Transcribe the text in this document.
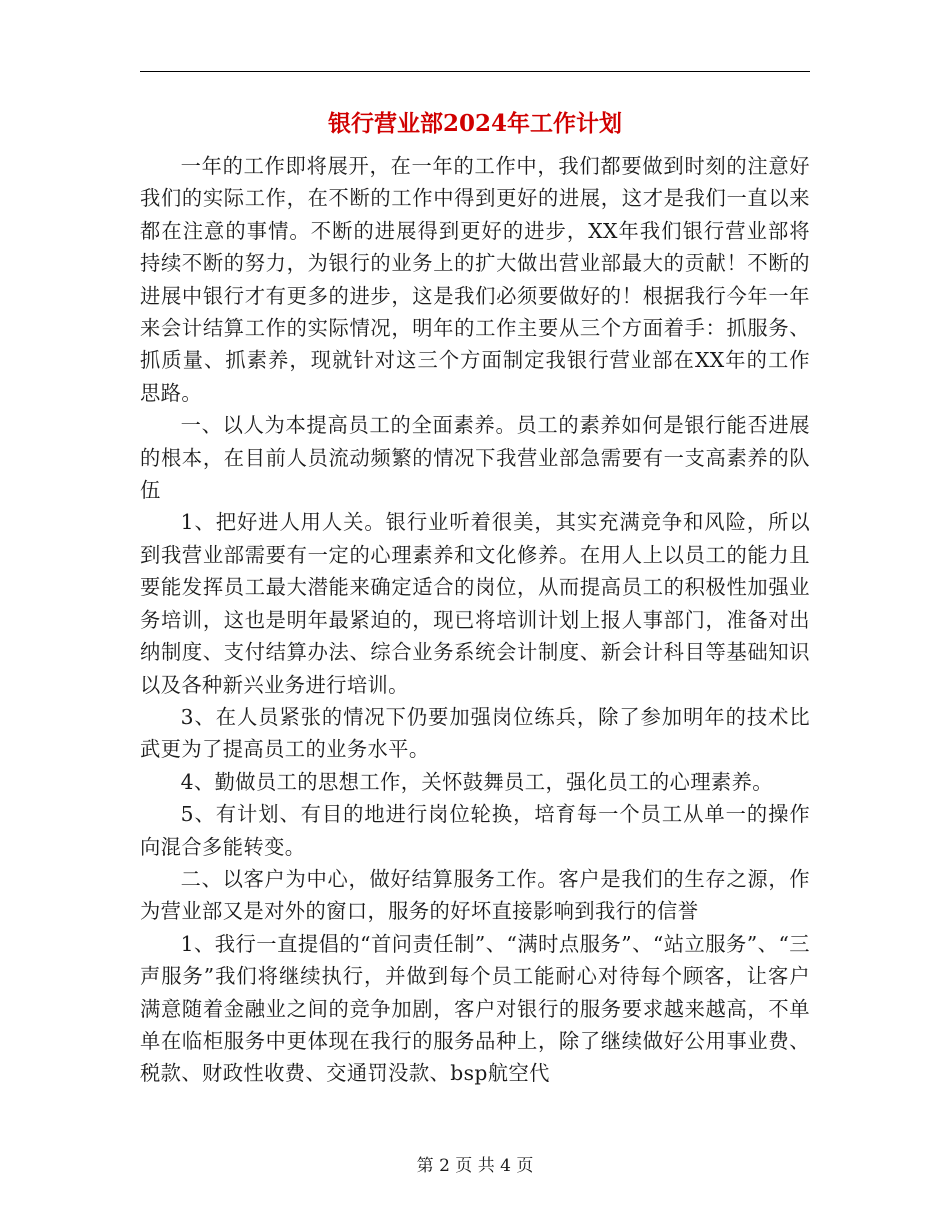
银行营业部2024年工作计划

一年的工作即将展开，在一年的工作中，我们都要做到时刻的注意好我们的实际工作，在不断的工作中得到更好的进展，这才是我们一直以来都在注意的事情。不断的进展得到更好的进步，XX年我们银行营业部将持续不断的努力，为银行的业务上的扩大做出营业部最大的贡献！不断的进展中银行才有更多的进步，这是我们必须要做好的！根据我行今年一年来会计结算工作的实际情况，明年的工作主要从三个方面着手：抓服务、抓质量、抓素养，现就针对这三个方面制定我银行营业部在XX年的工作思路。

一、以人为本提高员工的全面素养。员工的素养如何是银行能否进展的根本，在目前人员流动频繁的情况下我营业部急需要有一支高素养的队伍

1、把好进人用人关。银行业听着很美，其实充满竞争和风险，所以到我营业部需要有一定的心理素养和文化修养。在用人上以员工的能力且要能发挥员工最大潜能来确定适合的岗位，从而提高员工的积极性加强业务培训，这也是明年最紧迫的，现已将培训计划上报人事部门，准备对出纳制度、支付结算办法、综合业务系统会计制度、新会计科目等基础知识以及各种新兴业务进行培训。

3、在人员紧张的情况下仍要加强岗位练兵，除了参加明年的技术比武更为了提高员工的业务水平。

4、勤做员工的思想工作，关怀鼓舞员工，强化员工的心理素养。

5、有计划、有目的地进行岗位轮换，培育每一个员工从单一的操作向混合多能转变。

二、以客户为中心，做好结算服务工作。客户是我们的生存之源，作为营业部又是对外的窗口，服务的好坏直接影响到我行的信誉

1、我行一直提倡的“首问责任制”、“满时点服务”、“站立服务”、“三声服务”我们将继续执行，并做到每个员工能耐心对待每个顾客，让客户满意随着金融业之间的竞争加剧，客户对银行的服务要求越来越高，不单单在临柜服务中更体现在我行的服务品种上，除了继续做好公用事业费、税款、财政性收费、交通罚没款、bsp航空代

第 2 页 共 4 页
